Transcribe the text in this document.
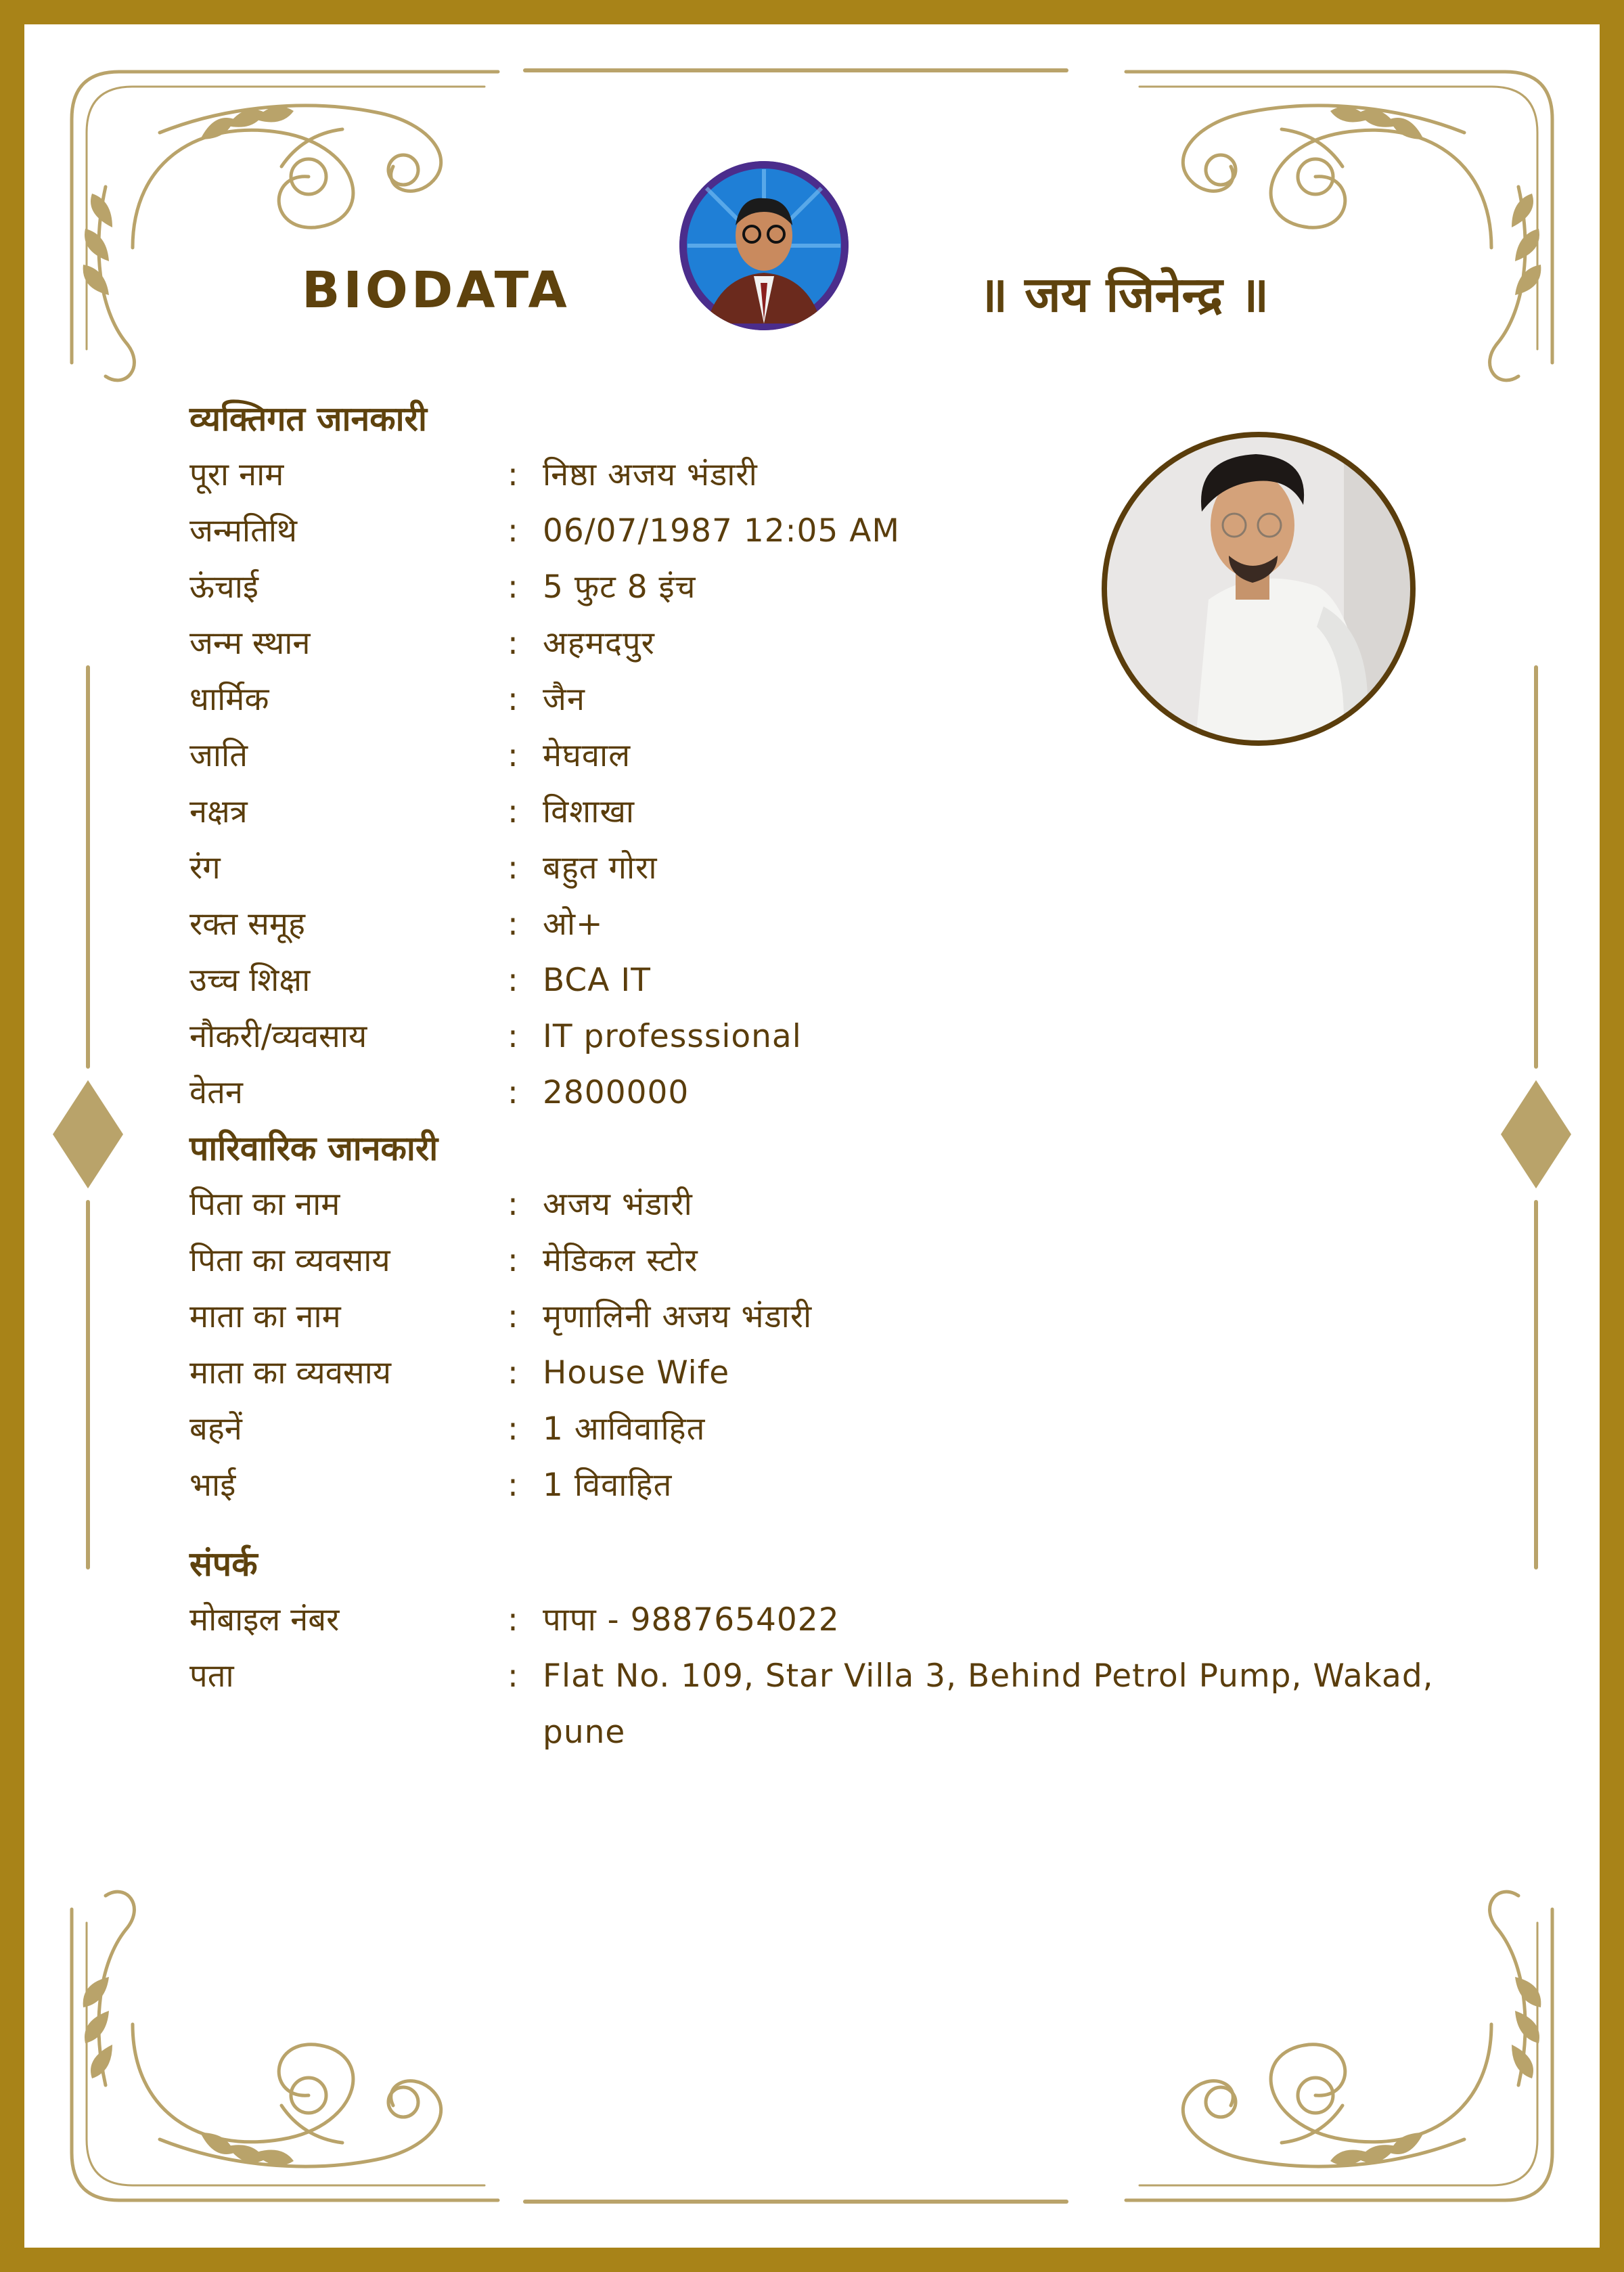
BIODATA	॥ जय जिनेन्द्र ॥
व्यक्तिगत जानकारी
पूरा नाम	: निष्ठा अजय भंडारी
जन्मतिथि	: 06/07/1987 12:05 AM
ऊंचाई	: 5 फुट 8 इंच
जन्म स्थान	: अहमदपुर
धार्मिक	: जैन
जाति	: मेघवाल
नक्षत्र	: विशाखा
रंग	: बहुत गोरा
रक्त समूह	: ओ+
उच्च शिक्षा	: BCA IT
नौकरी/व्यवसाय	: IT professsional
वेतन	: 2800000
पारिवारिक जानकारी
पिता का नाम	: अजय भंडारी
पिता का व्यवसाय	: मेडिकल स्टोर
माता का नाम	: मृणालिनी अजय भंडारी
माता का व्यवसाय	: House Wife
बहनें	: 1 आविवाहित
भाई	: 1 विवाहित
संपर्क
मोबाइल नंबर	: पापा - 9887654022
पता	: Flat No. 109, Star Villa 3, Behind Petrol Pump, Wakad, pune
